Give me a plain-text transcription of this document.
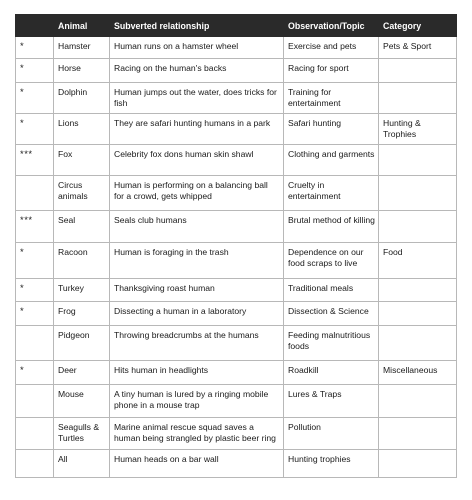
	Animal	Subverted relationship	Observation/Topic	Category
*	Hamster	Human runs on a hamster wheel	Exercise and pets	Pets & Sport
*	Horse	Racing on the human's backs	Racing for sport	
*	Dolphin	Human jumps out the water, does tricks for fish	Training for entertainment	
*	Lions	They are safari hunting humans in a park	Safari hunting	Hunting & Trophies
***	Fox	Celebrity fox dons human skin shawl	Clothing and garments	
	Circus animals	Human is performing on a balancing ball for a crowd, gets whipped	Cruelty in entertainment	
***	Seal	Seals club humans	Brutal method of killing	
*	Racoon	Human is foraging in the trash	Dependence on our food scraps to live	Food
*	Turkey	Thanksgiving roast human	Traditional meals	
*	Frog	Dissecting a human in a laboratory	Dissection & Science	
	Pidgeon	Throwing breadcrumbs at the humans	Feeding malnutritious foods	
*	Deer	Hits human in headlights	Roadkill	Miscellaneous
	Mouse	A tiny human is lured by a ringing mobile phone in a mouse trap	Lures & Traps	
	Seagulls & Turtles	Marine animal rescue squad saves a human being strangled by plastic beer ring	Pollution	
	All	Human heads on a bar wall	Hunting trophies	
